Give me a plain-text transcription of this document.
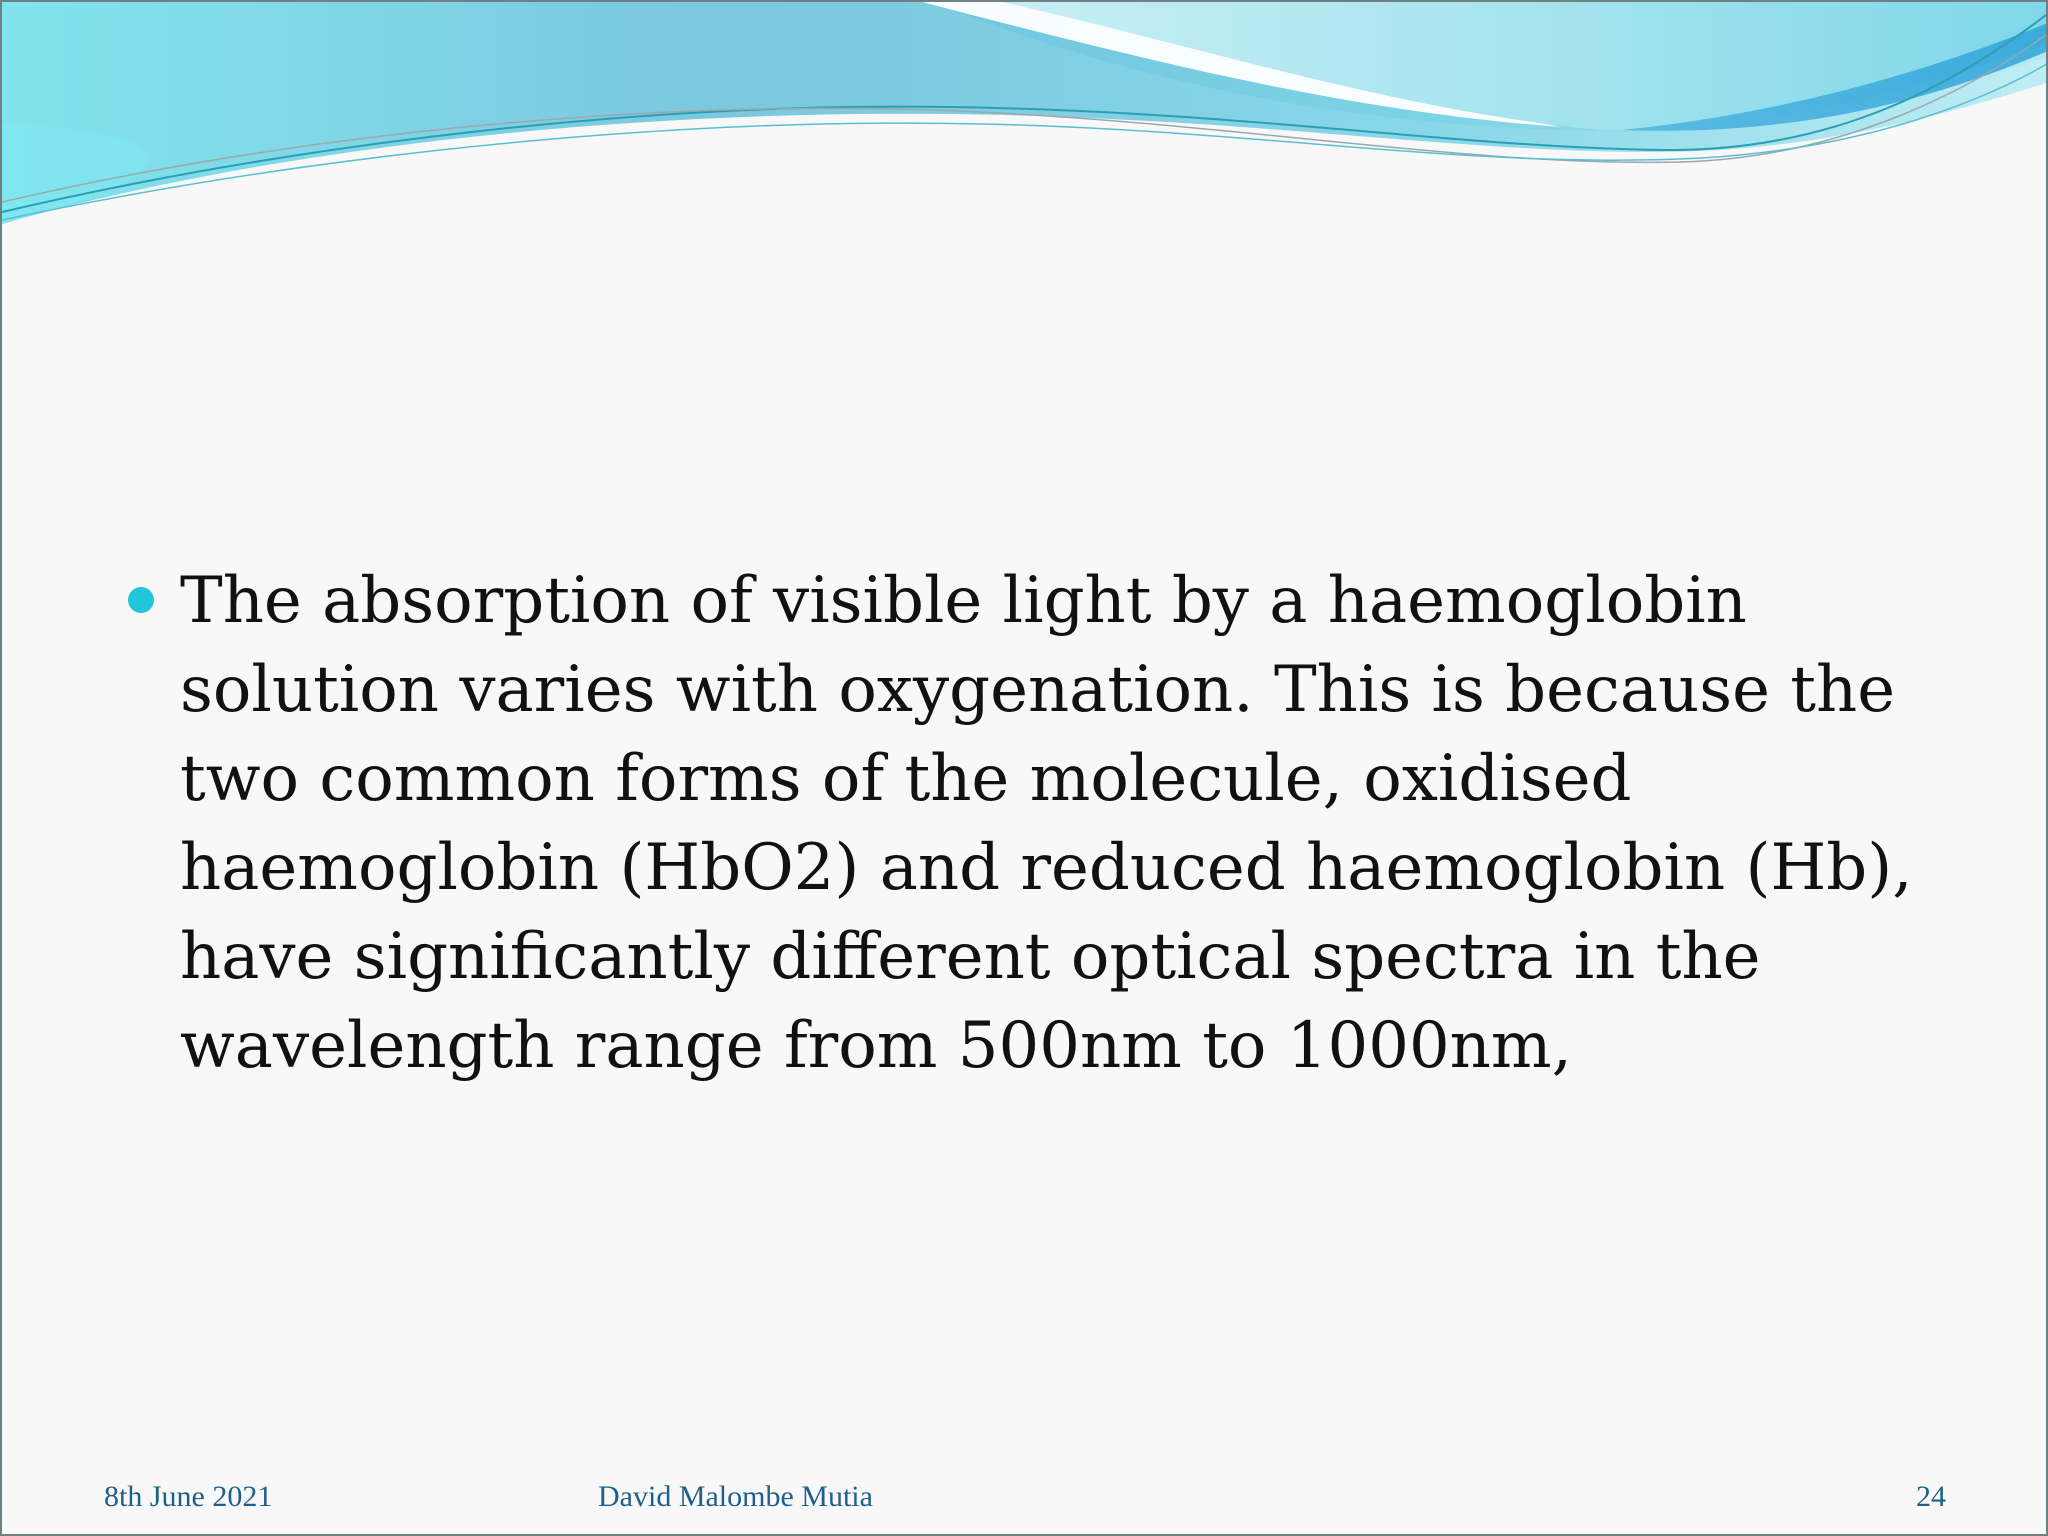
The absorption of visible light by a haemoglobin solution varies with oxygenation. This is because the two common forms of the molecule, oxidised haemoglobin (HbO2) and reduced haemoglobin (Hb), have significantly different optical spectra in the wavelength range from 500nm to 1000nm,
8th June 2021	David Malombe Mutia	24
